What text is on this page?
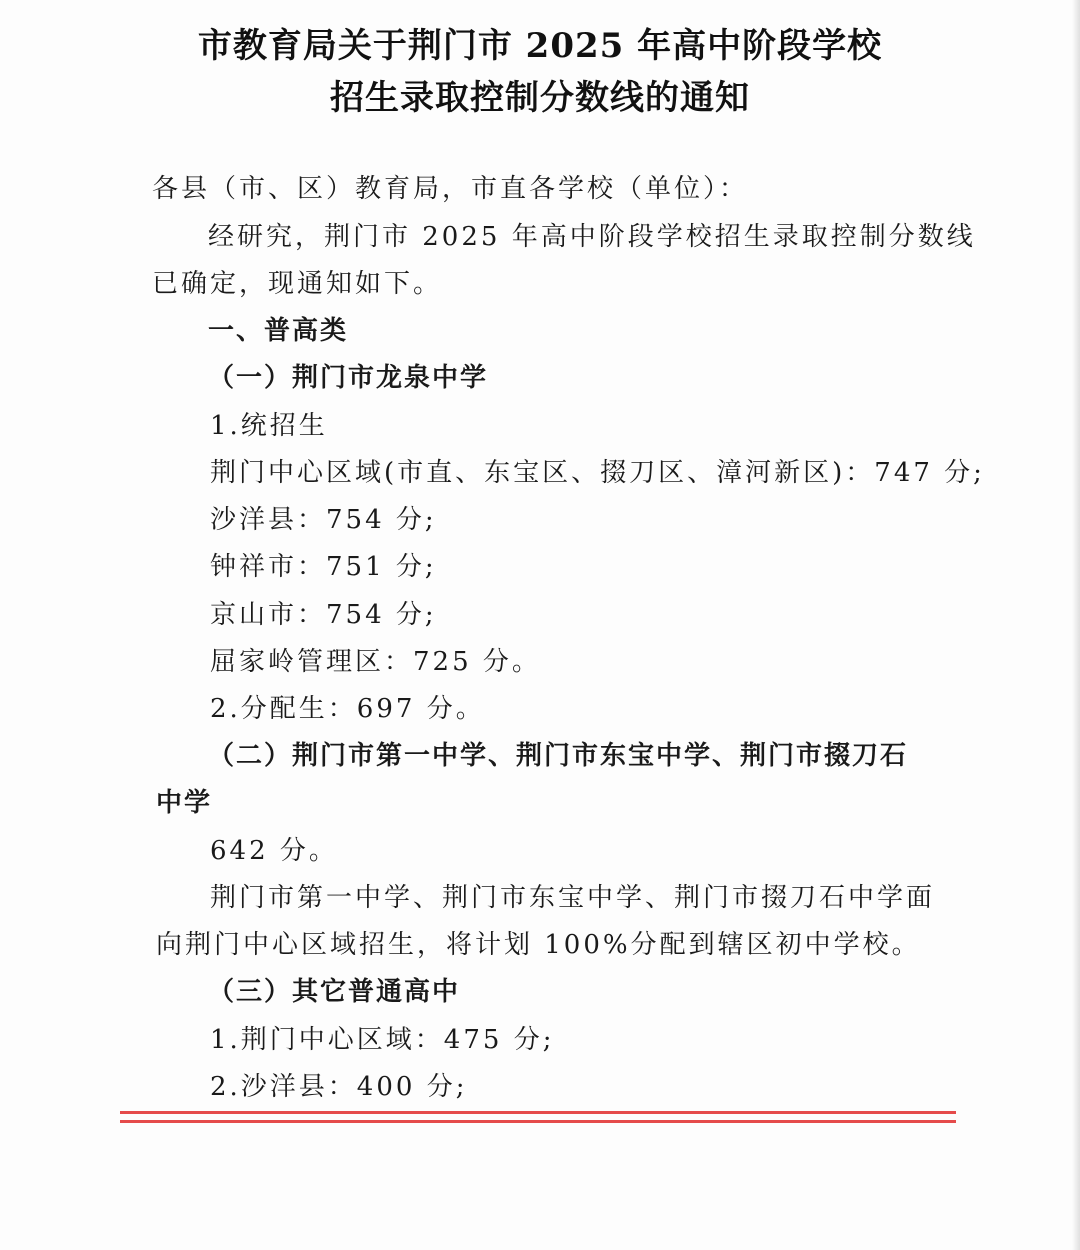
市教育局关于荆门市 2025 年高中阶段学校
招生录取控制分数线的通知
各县（市、区）教育局，市直各学校（单位）：
经研究，荆门市 2025 年高中阶段学校招生录取控制分数线
已确定，现通知如下。
一、普高类
（一）荆门市龙泉中学
1.统招生
荆门中心区域(市直、东宝区、掇刀区、漳河新区)：747 分;
沙洋县：754 分;
钟祥市：751 分;
京山市：754 分;
屈家岭管理区：725 分。
2.分配生：697 分。
（二）荆门市第一中学、荆门市东宝中学、荆门市掇刀石
中学
642 分。
荆门市第一中学、荆门市东宝中学、荆门市掇刀石中学面
向荆门中心区域招生，将计划 100%分配到辖区初中学校。
（三）其它普通高中
1.荆门中心区域：475 分;
2.沙洋县：400 分;
